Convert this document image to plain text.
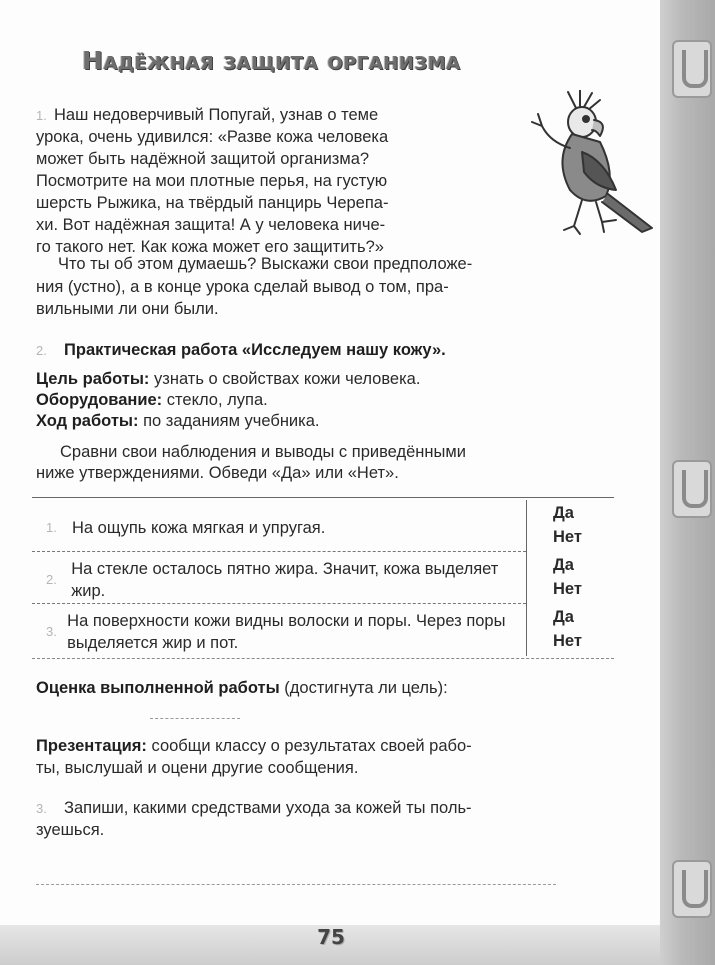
Надёжная защита организма
1. Наш недоверчивый Попугай, узнав о теме
урока, очень удивился: «Разве кожа человека
может быть надёжной защитой организма?
Посмотрите на мои плотные перья, на густую
шерсть Рыжика, на твёрдый панцирь Черепа-
хи. Вот надёжная защита! А у человека ниче-
го такого нет. Как кожа может его защитить?»
Что ты об этом думаешь? Выскажи свои предположе-
ния (устно), а в конце урока сделай вывод о том, пра-
вильными ли они были.
2. Практическая работа «Исследуем нашу кожу».
Цель работы: узнать о свойствах кожи человека.
Оборудование: стекло, лупа.
Ход работы: по заданиям учебника.
Сравни свои наблюдения и выводы с приведёнными
ниже утверждениями. Обведи «Да» или «Нет».
1. На ощупь кожа мягкая и упругая.
Да
Нет
2.
На стекле осталось пятно жира. Значит, кожа выделяет жир.
Да
Нет
3.
На поверхности кожи видны волоски и поры. Через поры выделяется жир и пот.
Да
Нет
Оценка выполненной работы (достигнута ли цель):
Презентация: сообщи классу о результатах своей рабо-
ты, выслушай и оцени другие сообщения.
3. Запиши, какими средствами ухода за кожей ты поль-
зуешься.
75
